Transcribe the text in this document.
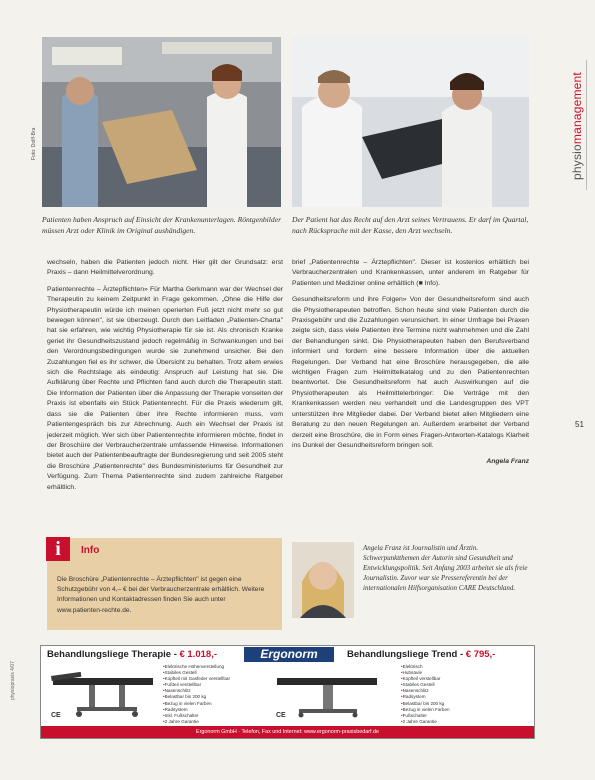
Foto: Dolff-Bra
Patienten haben Anspruch auf Einsicht der Krankenunterlagen. Röntgenbilder müssen Arzt oder Klinik im Original aushändigen.
Der Patient hat das Recht auf den Arzt seines Vertrauens. Er darf im Quartal, nach Rücksprache mit der Kasse, den Arzt wechseln.
physiomanagement
51

wechseln, haben die Patienten jedoch nicht. Hier gilt der Grundsatz: erst Praxis – dann Heilmittelverordnung.

Patientenrechte – Ärztepflichten» Für Martha Gerkmann war der Wechsel der Therapeutin zu keinem Zeitpunkt in Frage gekommen. „Ohne die Hilfe der Physiotherapeutin würde ich meinen operierten Fuß jetzt nicht mehr so gut bewegen können", ist sie überzeugt. Durch den Leitfaden „Patienten-Charta" hat sie erfahren, wie wichtig Physiotherapie für sie ist. Als chronisch Kranke geriet ihr Gesundheitszustand jedoch regelmäßig in Schwankungen und bei den Verordnungsbedingungen wurde sie zunehmend unsicher. Bei den Zuzahlungen fiel es ihr schwer, die Übersicht zu behalten. Trotz allem erwies sich die Rechtslage als eindeutig: Anspruch auf Leistung hat sie. Die Aufklärung über Rechte und Pflichten fand auch durch die Therapeutin statt. Die Information der Patienten über die Anpassung der Therapie vonseiten der Praxis ist ebenfalls ein Stück Patientenrecht. Für die Praxis wiederum gilt, dass sie die Patienten über ihre Rechte informieren muss, vom Patientengespräch bis zur Abrechnung. Auch ein Wechsel der Praxis ist jederzeit möglich. Wer sich über Patientenrechte informieren möchte, findet in der Broschüre der Verbraucherzentrale umfassende Hinweise. Informationen bietet auch der Patientenbeauftragte der Bundesregierung und seit 2005 steht die Broschüre „Patientenrechte" des Bundesministeriums für Gesundheit zur Verfügung. Zum Thema Patientenrechte sind zudem zahlreiche Ratgeber erhältlich.

brief „Patientenrechte – Ärztepflichten". Dieser ist kostenlos erhältlich bei Verbraucherzentralen und Krankenkassen, unter anderem im Ratgeber für Patienten und Mediziner online erhältlich (■ Info).

Gesundheitsreform und ihre Folgen» Von der Gesundheitsreform sind auch die Physiotherapeuten betroffen. Schon heute sind viele Patienten durch die Praxisgebühr und die Zuzahlungen verunsichert. In einer Umfrage bei Praxen zeigte sich, dass viele Patienten ihre Termine nicht wahrnehmen und die Zahl der Behandlungen sinkt. Die Physiotherapeuten haben den Berufsverband informiert und fordern eine bessere Information über die aktuellen Regelungen. Der Verband hat eine Broschüre herausgegeben, die alle wichtigen Fragen zum Heilmittelkatalog und zu den Patientenrechten beantwortet. Die Gesundheitsreform hat auch Auswirkungen auf die Physiotherapeuten als Heilmittelerbringer: Die Verträge mit den Krankenkassen werden neu verhandelt und die Landesgruppen des VPT unterstützen ihre Mitglieder dabei. Der Verband bietet allen Mitgliedern eine Beratung zu den neuen Regelungen an. Außerdem erarbeitet der Verband derzeit eine Broschüre, die in Form eines Fragen-Antworten-Katalogs Klarheit ins Dunkel der Gesundheitsreform bringen soll.

Angela Franz
i	Info
Die Broschüre „Patientenrechte – Ärztepflichten" ist gegen eine Schutzgebühr von 4,– € bei der Verbraucherzentrale erhältlich. Weitere Informationen und Kontaktadressen finden Sie auch unter www.patienten-rechte.de.
Angela Franz ist Journalistin und Ärztin. Schwerpunktthemen der Autorin sind Gesundheit und Entwicklungspolitik. Seit Anfang 2003 arbeitet sie als freie Journalistin. Zuvor war sie Pressereferentin bei der internationalen Hilfsorganisation CARE Deutschland.
Behandlungsliege Therapie - € 1.018,-	Ergonorm	Behandlungsliege Trend - € 795,-
• Elektrische Höhenverstellung
• Stabiles Gestell
• Kopfteil mit Gasfeder verstellbar
• Fußteil verstellbar
• Nasenschlitz
• Belastbar bis 200 kg
• Bezug in vielen Farben
• Radsystem
• Inkl. Fußschalter
• 2 Jahre Garantie
• Elektrisch
• Hubsäule
• Kopfteil verstellbar
• Stabiles Gestell
• Nasenschlitz
• Radsystem
• Belastbar bis 200 kg
• Bezug in vielen Farben
• Fußschalter
• 2 Jahre Garantie
CE	CE
Ergonorm GmbH · Telefon, Fax und Internet: www.ergonorm-praxisbedarf.de
physiopraxis 4/07
